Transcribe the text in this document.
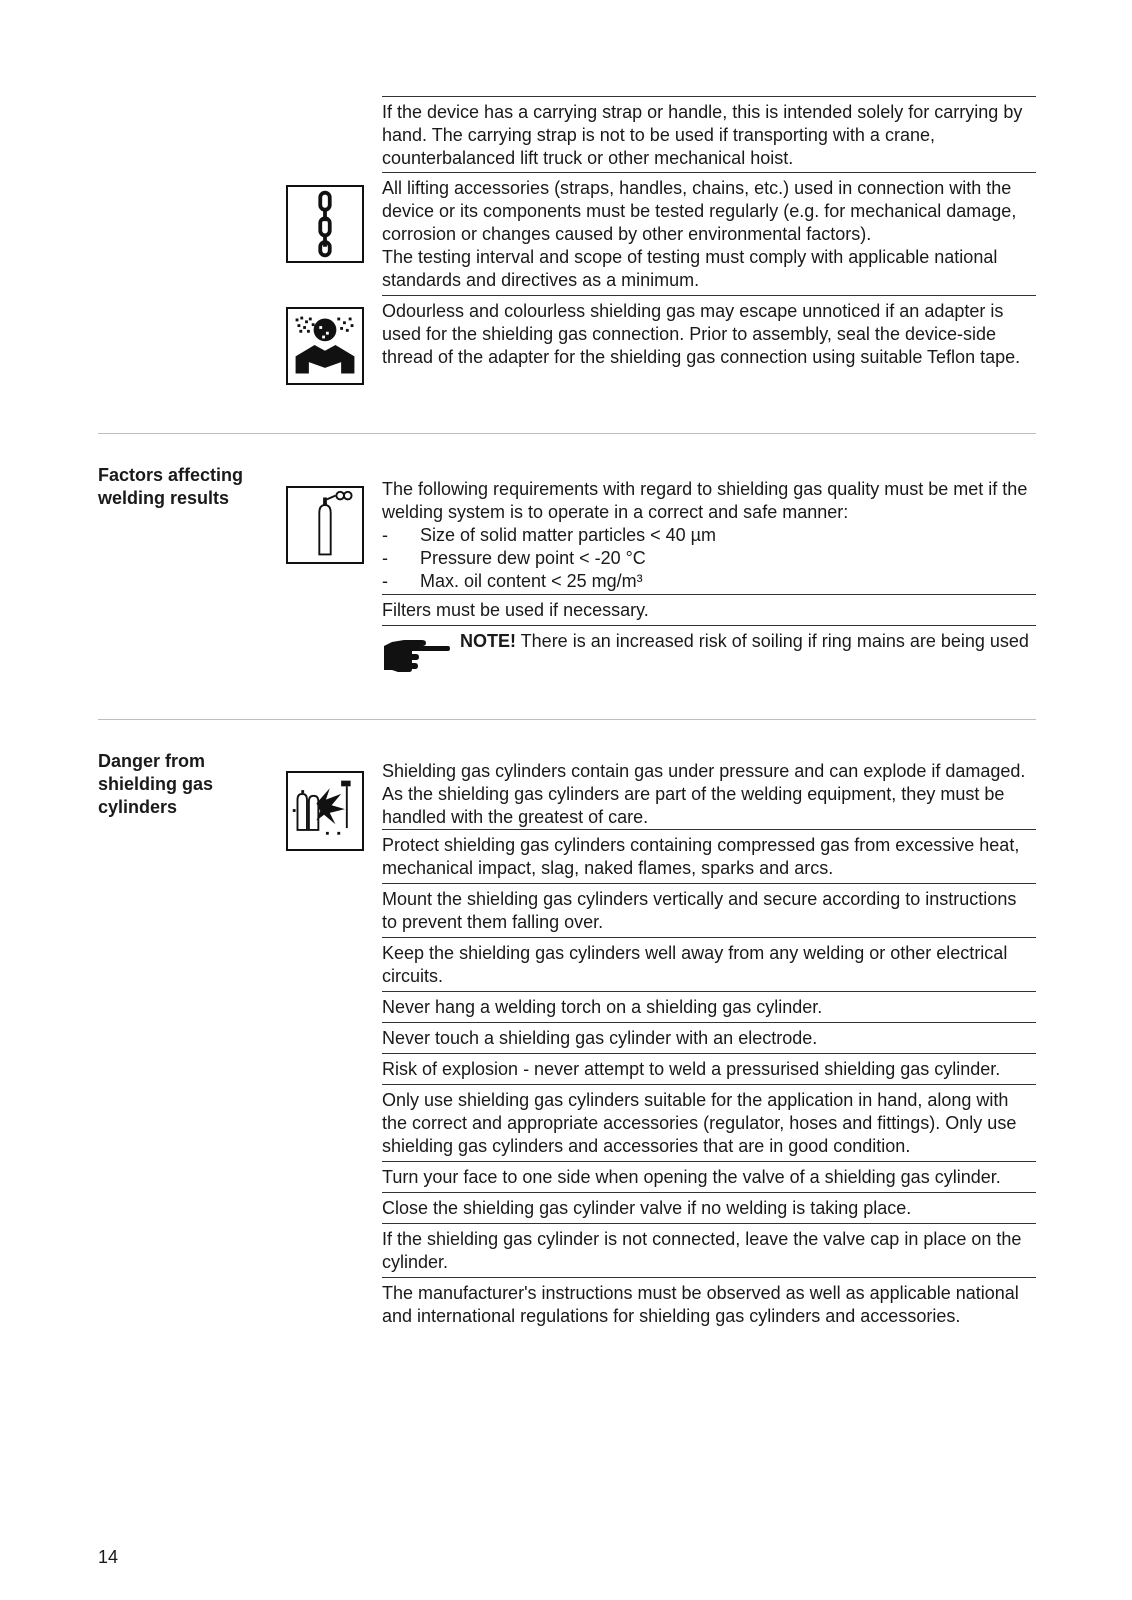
If the device has a carrying strap or handle, this is intended solely for carrying by hand. The carrying strap is not to be used if transporting with a crane, counterbalanced lift truck or other mechanical hoist.

All lifting accessories (straps, handles, chains, etc.) used in connection with the device or its components must be tested regularly (e.g. for mechanical damage, corrosion or changes caused by other environmental factors).

The testing interval and scope of testing must comply with applicable national standards and directives as a minimum.

Odourless and colourless shielding gas may escape unnoticed if an adapter is used for the shielding gas connection. Prior to assembly, seal the device-side thread of the adapter for the shielding gas connection using suitable Teflon tape.

Factors affecting welding results	The following requirements with regard to shielding gas quality must be met if the welding system is to operate in a correct and safe manner:

-	Size of solid matter particles < 40 µm
-	Pressure dew point < -20 °C
-	Max. oil content < 25 mg/m³

Filters must be used if necessary.

NOTE! There is an increased risk of soiling if ring mains are being used
Danger from shielding gas cylinders

Shielding gas cylinders contain gas under pressure and can explode if damaged. As the shielding gas cylinders are part of the welding equipment, they must be handled with the greatest of care.

Protect shielding gas cylinders containing compressed gas from excessive heat, mechanical impact, slag, naked flames, sparks and arcs.

Mount the shielding gas cylinders vertically and secure according to instructions to prevent them falling over.

Keep the shielding gas cylinders well away from any welding or other electrical circuits.

Never hang a welding torch on a shielding gas cylinder.

Never touch a shielding gas cylinder with an electrode.

Risk of explosion - never attempt to weld a pressurised shielding gas cylinder.

Only use shielding gas cylinders suitable for the application in hand, along with the correct and appropriate accessories (regulator, hoses and fittings). Only use shielding gas cylinders and accessories that are in good condition.

Turn your face to one side when opening the valve of a shielding gas cylinder.

Close the shielding gas cylinder valve if no welding is taking place.

If the shielding gas cylinder is not connected, leave the valve cap in place on the cylinder.

The manufacturer's instructions must be observed as well as applicable national and international regulations for shielding gas cylinders and accessories.

14
